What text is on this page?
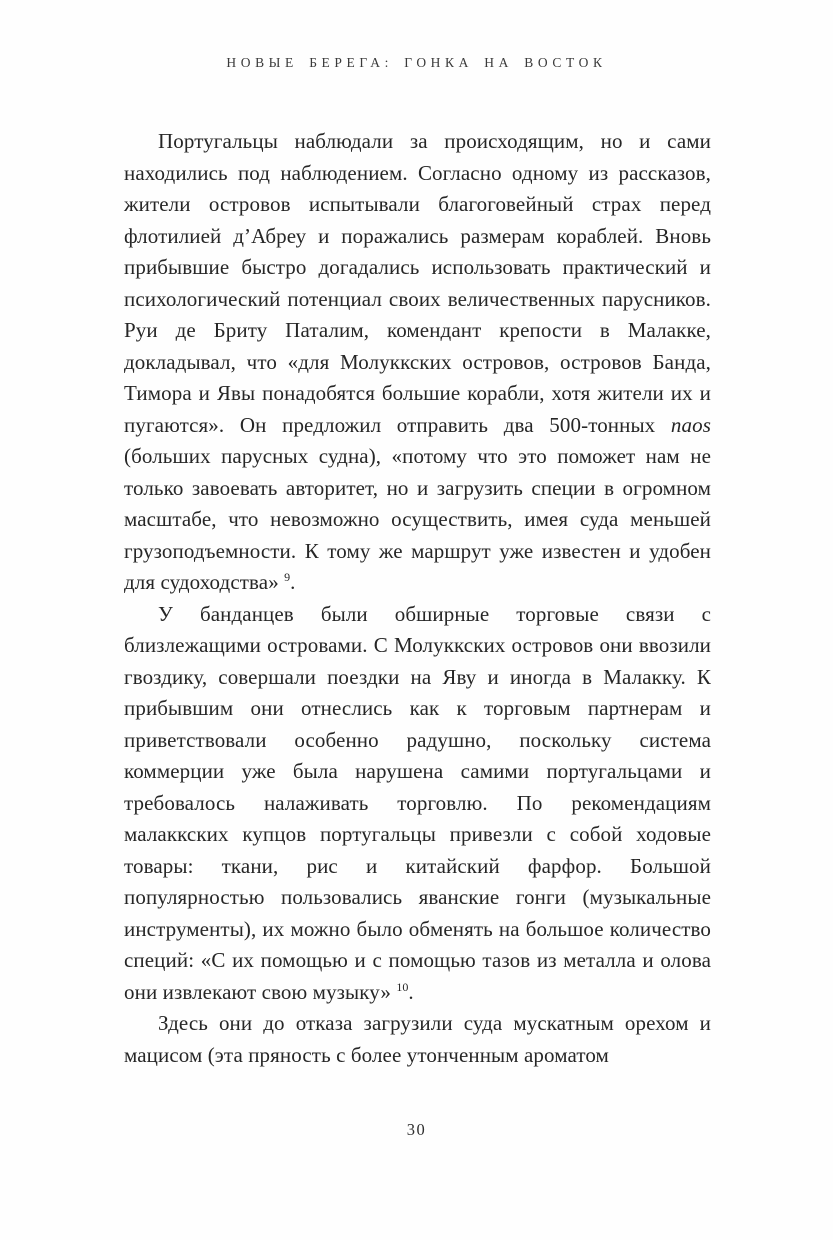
НОВЫЕ БЕРЕГА: ГОНКА НА ВОСТОК

Португальцы наблюдали за происходящим, но и сами находились под наблюдением. Согласно одному из рассказов, жители островов испытывали благоговейный страх перед флотилией д’Абреу и поражались размерам кораблей. Вновь прибывшие быстро догадались использовать практический и психологический потенциал своих величественных парусников. Руи де Бриту Паталим, комендант крепости в Малакке, докладывал, что «для Молуккских островов, островов Банда, Тимора и Явы понадобятся большие корабли, хотя жители их и пугаются». Он предложил отправить два 500-тонных naos (больших парусных судна), «потому что это поможет нам не только завоевать авторитет, но и загрузить специи в огромном масштабе, что невозможно осуществить, имея суда меньшей грузоподъемности. К тому же маршрут уже известен и удобен для судоходства» $^9$.

У банданцев были обширные торговые связи с близлежащими островами. С Молуккских островов они ввозили гвоздику, совершали поездки на Яву и иногда в Малакку. К прибывшим они отнеслись как к торговым партнерам и приветствовали особенно радушно, поскольку система коммерции уже была нарушена самими португальцами и требовалось налаживать торговлю. По рекомендациям малаккских купцов португальцы привезли с собой ходовые товары: ткани, рис и китайский фарфор. Большой популярностью пользовались яванские гонги (музыкальные инструменты), их можно было обменять на большое количество специй: «С их помощью и с помощью тазов из металла и олова они извлекают свою музыку» $^{10}$.

Здесь они до отказа загрузили суда мускатным орехом и мацисом (эта пряность с более утонченным ароматом

30
